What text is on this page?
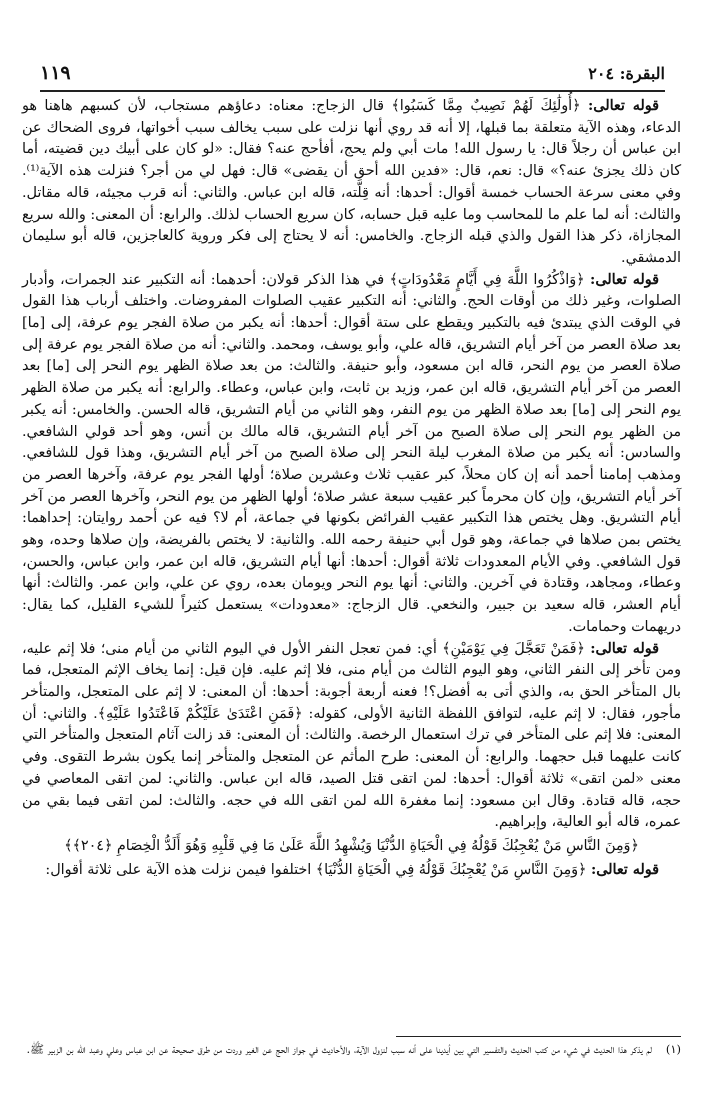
١١٩	البقرة: ٢٠٤

قوله تعالى: ﴿أُولَٰئِكَ لَهُمْ نَصِيبٌ مِمَّا كَسَبُوا﴾ قال الزجاج: معناه: دعاؤهم مستجاب، لأن كسبهم هاهنا هو الدعاء، وهذه الآية متعلقة بما قبلها، إلا أنه قد روي أنها نزلت على سبب يخالف سبب أخواتها، فروى الضحاك عن ابن عباس أن رجلاً قال: يا رسول الله! مات أبي ولم يحج، أفأحج عنه؟ فقال: «لو كان على أبيك دين قضيته، أما كان ذلك يجزئ عنه؟» قال: نعم، قال: «فدين الله أحق أن يقضى» قال: فهل لي من أجر؟ فنزلت هذه الآية⁽¹⁾. وفي معنى سرعة الحساب خمسة أقوال: أحدها: أنه قِلَّته، قاله ابن عباس. والثاني: أنه قرب مجيئه، قاله مقاتل. والثالث: أنه لما علم ما للمحاسب وما عليه قبل حسابه، كان سريع الحساب لذلك. والرابع: أن المعنى: والله سريع المجازاة، ذكر هذا القول والذي قبله الزجاج. والخامس: أنه لا يحتاج إلى فكر وروية كالعاجزين، قاله أبو سليمان الدمشقي.

قوله تعالى: ﴿وَاذْكُرُوا اللَّهَ فِي أَيَّامٍ مَعْدُودَاتٍ﴾ في هذا الذكر قولان: أحدهما: أنه التكبير عند الجمرات، وأدبار الصلوات، وغير ذلك من أوقات الحج. والثاني: أنه التكبير عقيب الصلوات المفروضات. واختلف أرباب هذا القول في الوقت الذي يبتدئ فيه بالتكبير ويقطع على ستة أقوال: أحدها: أنه يكبر من صلاة الفجر يوم عرفة، إلى [ما] بعد صلاة العصر من آخر أيام التشريق، قاله علي، وأبو يوسف، ومحمد. والثاني: أنه من صلاة الفجر يوم عرفة إلى صلاة العصر من يوم النحر، قاله ابن مسعود، وأبو حنيفة. والثالث: من بعد صلاة الظهر يوم النحر إلى [ما] بعد العصر من آخر أيام التشريق، قاله ابن عمر، وزيد بن ثابت، وابن عباس، وعطاء. والرابع: أنه يكبر من صلاة الظهر يوم النحر إلى [ما] بعد صلاة الظهر من يوم النفر، وهو الثاني من أيام التشريق، قاله الحسن. والخامس: أنه يكبر من الظهر يوم النحر إلى صلاة الصبح من آخر أيام التشريق، قاله مالك بن أنس، وهو أحد قولي الشافعي. والسادس: أنه يكبر من صلاة المغرب ليلة النحر إلى صلاة الصبح من آخر أيام التشريق، وهذا قول للشافعي. ومذهب إمامنا أحمد أنه إن كان محلاً، كبر عقيب ثلاث وعشرين صلاة؛ أولها الفجر يوم عرفة، وآخرها العصر من آخر أيام التشريق، وإن كان محرماً كبر عقيب سبعة عشر صلاة؛ أولها الظهر من يوم النحر، وآخرها العصر من آخر أيام التشريق. وهل يختص هذا التكبير عقيب الفرائض بكونها في جماعة، أم لا؟ فيه عن أحمد روايتان: إحداهما: يختص بمن صلاها في جماعة، وهو قول أبي حنيفة رحمه الله. والثانية: لا يختص بالفريضة، وإن صلاها وحده، وهو قول الشافعي. وفي الأيام المعدودات ثلاثة أقوال: أحدها: أنها أيام التشريق، قاله ابن عمر، وابن عباس، والحسن، وعطاء، ومجاهد، وقتادة في آخرين. والثاني: أنها يوم النحر ويومان بعده، روي عن علي، وابن عمر. والثالث: أنها أيام العشر، قاله سعيد بن جبير، والنخعي. قال الزجاج: «معدودات» يستعمل كثيراً للشيء القليل، كما يقال: دريهمات وحمامات.

قوله تعالى: ﴿فَمَنْ تَعَجَّلَ فِي يَوْمَيْنِ﴾ أي: فمن تعجل النفر الأول في اليوم الثاني من أيام منى؛ فلا إثم عليه، ومن تأخر إلى النفر الثاني، وهو اليوم الثالث من أيام منى، فلا إثم عليه. فإن قيل: إنما يخاف الإثم المتعجل، فما بال المتأخر الحق به، والذي أتى به أفضل؟! فعنه أربعة أجوبة: أحدها: أن المعنى: لا إثم على المتعجل، والمتأخر مأجور، فقال: لا إثم عليه، لتوافق اللفظة الثانية الأولى، كقوله: ﴿فَمَنِ اعْتَدَىٰ عَلَيْكُمْ فَاعْتَدُوا عَلَيْهِ﴾. والثاني: أن المعنى: فلا إثم على المتأخر في ترك استعمال الرخصة. والثالث: أن المعنى: قد زالت آثام المتعجل والمتأخر التي كانت عليهما قبل حجهما. والرابع: أن المعنى: طرح المأثم عن المتعجل والمتأخر إنما يكون بشرط التقوى. وفي معنى «لمن اتقى» ثلاثة أقوال: أحدها: لمن اتقى قتل الصيد، قاله ابن عباس. والثاني: لمن اتقى المعاصي في حجه، قاله قتادة. وقال ابن مسعود: إنما مغفرة الله لمن اتقى الله في حجه. والثالث: لمن اتقى فيما بقي من عمره، قاله أبو العالية، وإبراهيم.

﴿وَمِنَ النَّاسِ مَنْ يُعْجِبُكَ قَوْلُهُ فِي الْحَيَاةِ الدُّنْيَا وَيُشْهِدُ اللَّهَ عَلَىٰ مَا فِي قَلْبِهِ وَهُوَ أَلَدُّ الْخِصَامِ ﴿٢٠٤﴾﴾

قوله تعالى: ﴿وَمِنَ النَّاسِ مَنْ يُعْجِبُكَ قَوْلُهُ فِي الْحَيَاةِ الدُّنْيَا﴾ اختلفوا فيمن نزلت هذه الآية على ثلاثة أقوال:

(١)لم يذكر هذا الحديث في شيء من كتب الحديث والتفسير التي بين أيدينا على أنه سبب لنزول الآية، والأحاديث في جواز الحج عن الغير وردت من طرق صحيحة عن ابن عباس وعلي وعبد الله بن الزبير ﷺ.
